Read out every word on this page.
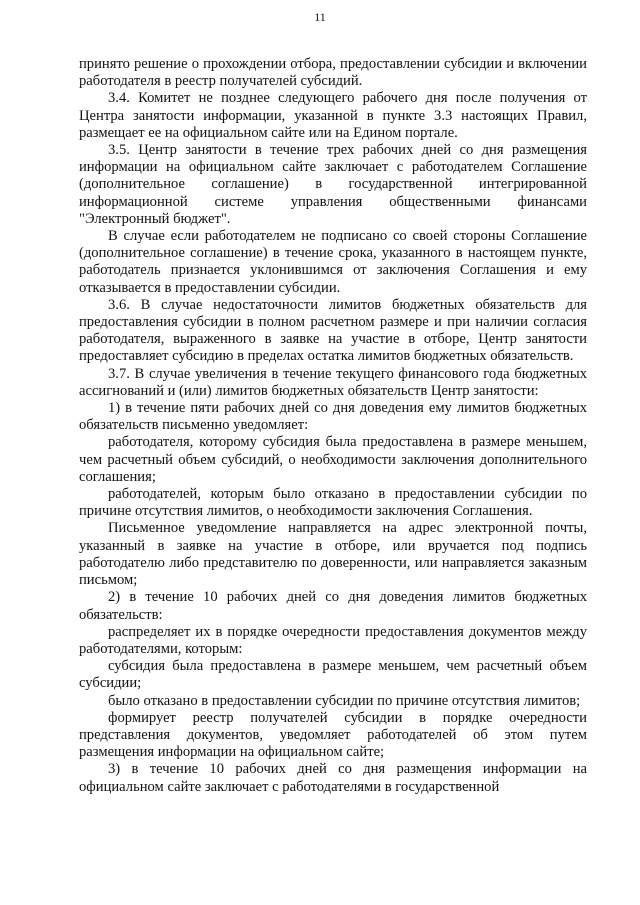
11

принято решение о прохождении отбора, предоставлении субсидии и включении работодателя в реестр получателей субсидий.

3.4. Комитет не позднее следующего рабочего дня после получения от Центра занятости информации, указанной в пункте 3.3 настоящих Правил, размещает ее на официальном сайте или на Едином портале.

3.5. Центр занятости в течение трех рабочих дней со дня размещения информации на официальном сайте заключает с работодателем Соглашение (дополнительное соглашение) в государственной интегрированной информационной системе управления общественными финансами "Электронный бюджет".

В случае если работодателем не подписано со своей стороны Соглашение (дополнительное соглашение) в течение срока, указанного в настоящем пункте, работодатель признается уклонившимся от заключения Соглашения и ему отказывается в предоставлении субсидии.

3.6. В случае недостаточности лимитов бюджетных обязательств для предоставления субсидии в полном расчетном размере и при наличии согласия работодателя, выраженного в заявке на участие в отборе, Центр занятости предоставляет субсидию в пределах остатка лимитов бюджетных обязательств.

3.7. В случае увеличения в течение текущего финансового года бюджетных ассигнований и (или) лимитов бюджетных обязательств Центр занятости:

1) в течение пяти рабочих дней со дня доведения ему лимитов бюджетных обязательств письменно уведомляет:

работодателя, которому субсидия была предоставлена в размере меньшем, чем расчетный объем субсидий, о необходимости заключения дополнительного соглашения;

работодателей, которым было отказано в предоставлении субсидии по причине отсутствия лимитов, о необходимости заключения Соглашения.

Письменное уведомление направляется на адрес электронной почты, указанный в заявке на участие в отборе, или вручается под подпись работодателю либо представителю по доверенности, или направляется заказным письмом;

2) в течение 10 рабочих дней со дня доведения лимитов бюджетных обязательств:

распределяет их в порядке очередности предоставления документов между работодателями, которым:

субсидия была предоставлена в размере меньшем, чем расчетный объем субсидии;

было отказано в предоставлении субсидии по причине отсутствия лимитов;

формирует реестр получателей субсидии в порядке очередности представления документов, уведомляет работодателей об этом путем размещения информации на официальном сайте;

3) в течение 10 рабочих дней со дня размещения информации на официальном сайте заключает с работодателями в государственной
